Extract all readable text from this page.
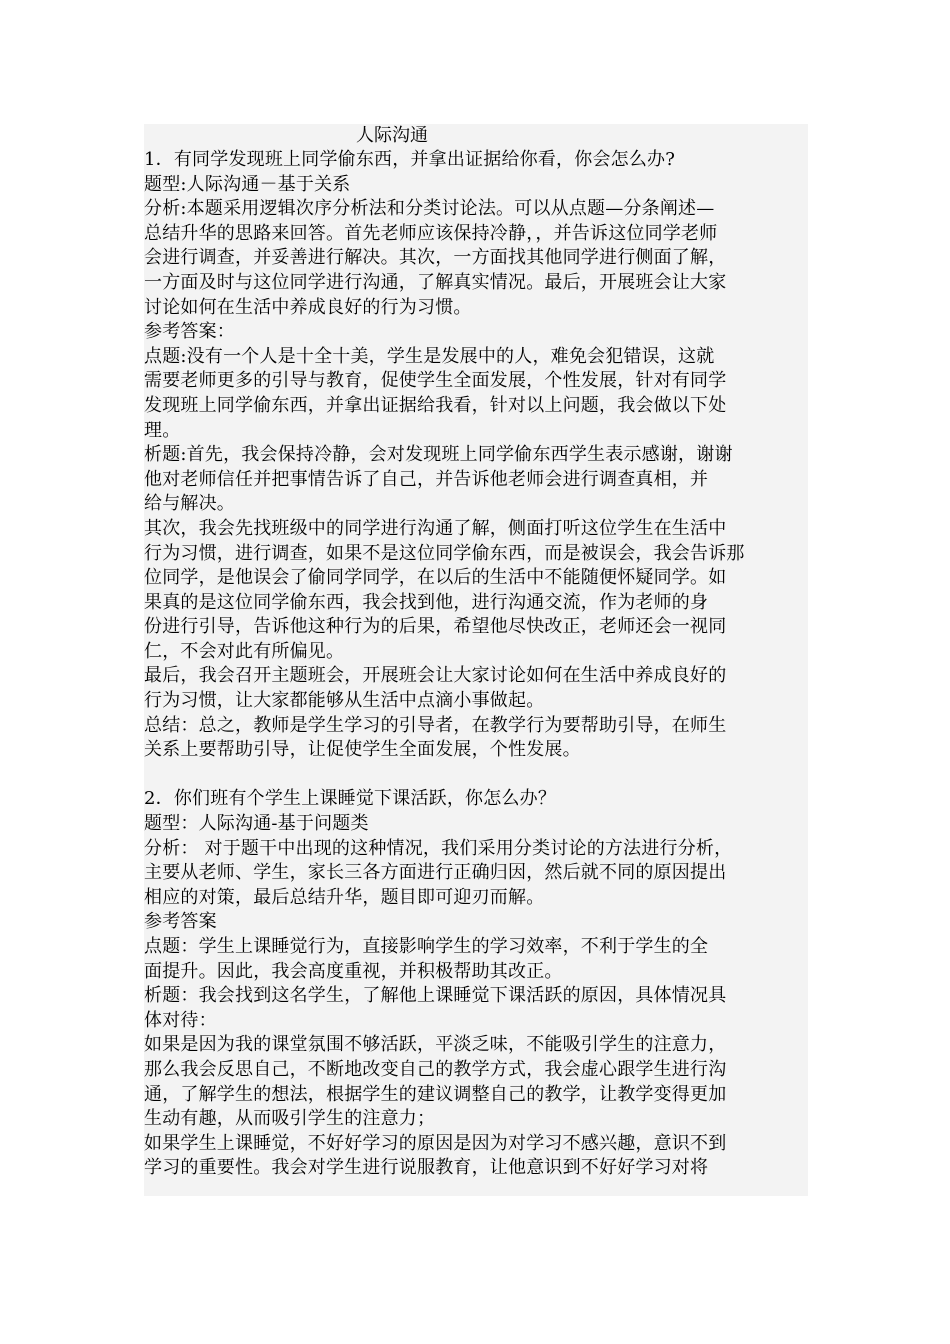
人际沟通
1．有同学发现班上同学偷东西，并拿出证据给你看，你会怎么办?
题型:人际沟通－基于关系
分析:本题采用逻辑次序分析法和分类讨论法。可以从点题—分条阐述—
总结升华的思路来回答。首先老师应该保持冷静，，并告诉这位同学老师
会进行调查，并妥善进行解决。其次，一方面找其他同学进行侧面了解，
一方面及时与这位同学进行沟通，了解真实情况。最后，开展班会让大家
讨论如何在生活中养成良好的行为习惯。
参考答案：
点题:没有一个人是十全十美，学生是发展中的人，难免会犯错误，这就
需要老师更多的引导与教育，促使学生全面发展，个性发展，针对有同学
发现班上同学偷东西，并拿出证据给我看，针对以上问题，我会做以下处
理。
析题:首先，我会保持冷静，会对发现班上同学偷东西学生表示感谢，谢谢
他对老师信任并把事情告诉了自己，并告诉他老师会进行调查真相，并
给与解决。
其次，我会先找班级中的同学进行沟通了解，侧面打听这位学生在生活中
行为习惯，进行调查，如果不是这位同学偷东西，而是被误会，我会告诉那
位同学，是他误会了偷同学同学，在以后的生活中不能随便怀疑同学。如
果真的是这位同学偷东西，我会找到他，进行沟通交流，作为老师的身
份进行引导，告诉他这种行为的后果，希望他尽快改正，老师还会一视同
仁，不会对此有所偏见。
最后，我会召开主题班会，开展班会让大家讨论如何在生活中养成良好的
行为习惯，让大家都能够从生活中点滴小事做起。
总结：总之，教师是学生学习的引导者，在教学行为要帮助引导，在师生
关系上要帮助引导，让促使学生全面发展，个性发展。
2．你们班有个学生上课睡觉下课活跃，你怎么办？
题型：人际沟通-基于问题类
分析： 对于题干中出现的这种情况，我们采用分类讨论的方法进行分析，
主要从老师、学生，家长三各方面进行正确归因，然后就不同的原因提出
相应的对策，最后总结升华，题目即可迎刃而解。
参考答案
点题：学生上课睡觉行为，直接影响学生的学习效率，不利于学生的全
面提升。因此，我会高度重视，并积极帮助其改正。
析题：我会找到这名学生，了解他上课睡觉下课活跃的原因，具体情况具
体对待：
如果是因为我的课堂氛围不够活跃，平淡乏味，不能吸引学生的注意力，
那么我会反思自己，不断地改变自己的教学方式，我会虚心跟学生进行沟
通，了解学生的想法，根据学生的建议调整自己的教学，让教学变得更加
生动有趣，从而吸引学生的注意力；
如果学生上课睡觉，不好好学习的原因是因为对学习不感兴趣，意识不到
学习的重要性。我会对学生进行说服教育，让他意识到不好好学习对将
